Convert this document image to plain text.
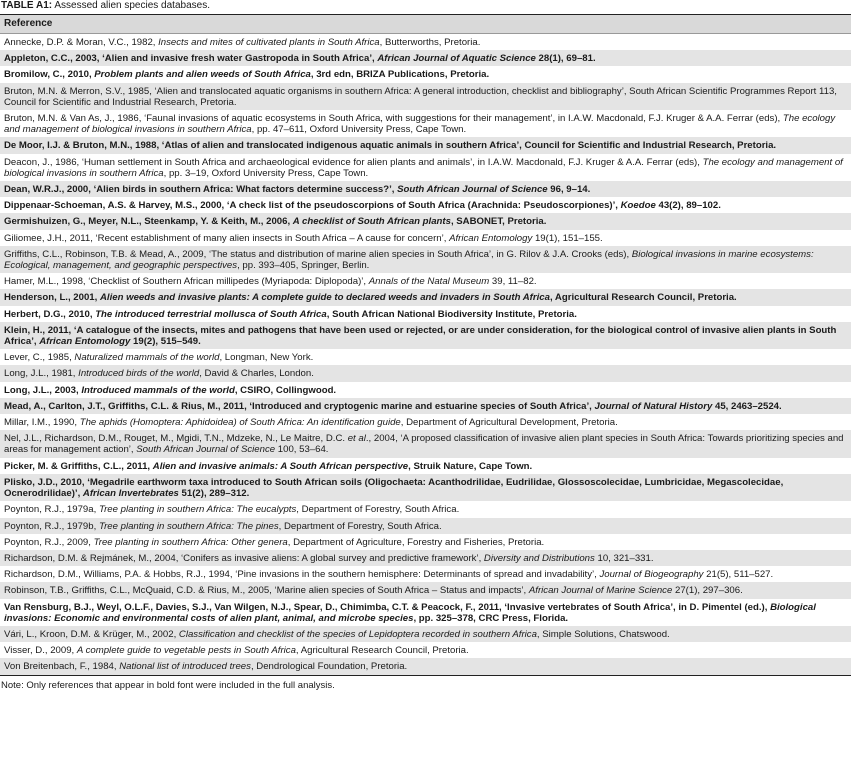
TABLE A1: Assessed alien species databases.
Reference
Annecke, D.P. & Moran, V.C., 1982, Insects and mites of cultivated plants in South Africa, Butterworths, Pretoria.
Appleton, C.C., 2003, ‘Alien and invasive fresh water Gastropoda in South Africa’, African Journal of Aquatic Science 28(1), 69–81.
Bromilow, C., 2010, Problem plants and alien weeds of South Africa, 3rd edn, BRIZA Publications, Pretoria.
Bruton, M.N. & Merron, S.V., 1985, ‘Alien and translocated aquatic organisms in southern Africa: A general introduction, checklist and bibliography’, South African Scientific Programmes Report 113, Council for Scientific and Industrial Research, Pretoria.
Bruton, M.N. & Van As, J., 1986, ‘Faunal invasions of aquatic ecosystems in South Africa, with suggestions for their management’, in I.A.W. Macdonald, F.J. Kruger & A.A. Ferrar (eds), The ecology and management of biological invasions in southern Africa, pp. 47–611, Oxford University Press, Cape Town.
De Moor, I.J. & Bruton, M.N., 1988, ‘Atlas of alien and translocated indigenous aquatic animals in southern Africa’, Council for Scientific and Industrial Research, Pretoria.
Deacon, J., 1986, ‘Human settlement in South Africa and archaeological evidence for alien plants and animals’, in I.A.W. Macdonald, F.J. Kruger & A.A. Ferrar (eds), The ecology and management of biological invasions in southern Africa, pp. 3–19, Oxford University Press, Cape Town.
Dean, W.R.J., 2000, ‘Alien birds in southern Africa: What factors determine success?’, South African Journal of Science 96, 9–14.
Dippenaar-Schoeman, A.S. & Harvey, M.S., 2000, ‘A check list of the pseudoscorpions of South Africa (Arachnida: Pseudoscorpiones)’, Koedoe 43(2), 89–102.
Germishuizen, G., Meyer, N.L., Steenkamp, Y. & Keith, M., 2006, A checklist of South African plants, SABONET, Pretoria.
Giliomee, J.H., 2011, ‘Recent establishment of many alien insects in South Africa – A cause for concern’, African Entomology 19(1), 151–155.
Griffiths, C.L., Robinson, T.B. & Mead, A., 2009, ‘The status and distribution of marine alien species in South Africa’, in G. Rilov & J.A. Crooks (eds), Biological invasions in marine ecosystems: Ecological, management, and geographic perspectives, pp. 393–405, Springer, Berlin.
Hamer, M.L., 1998, ‘Checklist of Southern African millipedes (Myriapoda: Diplopoda)’, Annals of the Natal Museum 39, 11–82.
Henderson, L., 2001, Alien weeds and invasive plants: A complete guide to declared weeds and invaders in South Africa, Agricultural Research Council, Pretoria.
Herbert, D.G., 2010, The introduced terrestrial mollusca of South Africa, South African National Biodiversity Institute, Pretoria.
Klein, H., 2011, ‘A catalogue of the insects, mites and pathogens that have been used or rejected, or are under consideration, for the biological control of invasive alien plants in South Africa’, African Entomology 19(2), 515–549.
Lever, C., 1985, Naturalized mammals of the world, Longman, New York.
Long, J.L., 1981, Introduced birds of the world, David & Charles, London.
Long, J.L., 2003, Introduced mammals of the world, CSIRO, Collingwood.
Mead, A., Carlton, J.T., Griffiths, C.L. & Rius, M., 2011, ‘Introduced and cryptogenic marine and estuarine species of South Africa’, Journal of Natural History 45, 2463–2524.
Millar, I.M., 1990, The aphids (Homoptera: Aphidoidea) of South Africa: An identification guide, Department of Agricultural Development, Pretoria.
Nel, J.L., Richardson, D.M., Rouget, M., Mgidi, T.N., Mdzeke, N., Le Maitre, D.C. et al., 2004, ‘A proposed classification of invasive alien plant species in South Africa: Towards prioritizing species and areas for management action’, South African Journal of Science 100, 53–64.
Picker, M. & Griffiths, C.L., 2011, Alien and invasive animals: A South African perspective, Struik Nature, Cape Town.
Plisko, J.D., 2010, ‘Megadrile earthworm taxa introduced to South African soils (Oligochaeta: Acanthodrilidae, Eudrilidae, Glossoscolecidae, Lumbricidae, Megascolecidae, Ocnerodrilidae)’, African Invertebrates 51(2), 289–312.
Poynton, R.J., 1979a, Tree planting in southern Africa: The eucalypts, Department of Forestry, South Africa.
Poynton, R.J., 1979b, Tree planting in southern Africa: The pines, Department of Forestry, South Africa.
Poynton, R.J., 2009, Tree planting in southern Africa: Other genera, Department of Agriculture, Forestry and Fisheries, Pretoria.
Richardson, D.M. & Rejmánek, M., 2004, ‘Conifers as invasive aliens: A global survey and predictive framework’, Diversity and Distributions 10, 321–331.
Richardson, D.M., Williams, P.A. & Hobbs, R.J., 1994, ‘Pine invasions in the southern hemisphere: Determinants of spread and invadability’, Journal of Biogeography 21(5), 511–527.
Robinson, T.B., Griffiths, C.L., McQuaid, C.D. & Rius, M., 2005, ‘Marine alien species of South Africa – Status and impacts’, African Journal of Marine Science 27(1), 297–306.
Van Rensburg, B.J., Weyl, O.L.F., Davies, S.J., Van Wilgen, N.J., Spear, D., Chimimba, C.T. & Peacock, F., 2011, ‘Invasive vertebrates of South Africa’, in D. Pimentel (ed.), Biological invasions: Economic and environmental costs of alien plant, animal, and microbe species, pp. 325–378, CRC Press, Florida.
Vári, L., Kroon, D.M. & Krüger, M., 2002, Classification and checklist of the species of Lepidoptera recorded in southern Africa, Simple Solutions, Chatswood.
Visser, D., 2009, A complete guide to vegetable pests in South Africa, Agricultural Research Council, Pretoria.
Von Breitenbach, F., 1984, National list of introduced trees, Dendrological Foundation, Pretoria.
Note: Only references that appear in bold font were included in the full analysis.
